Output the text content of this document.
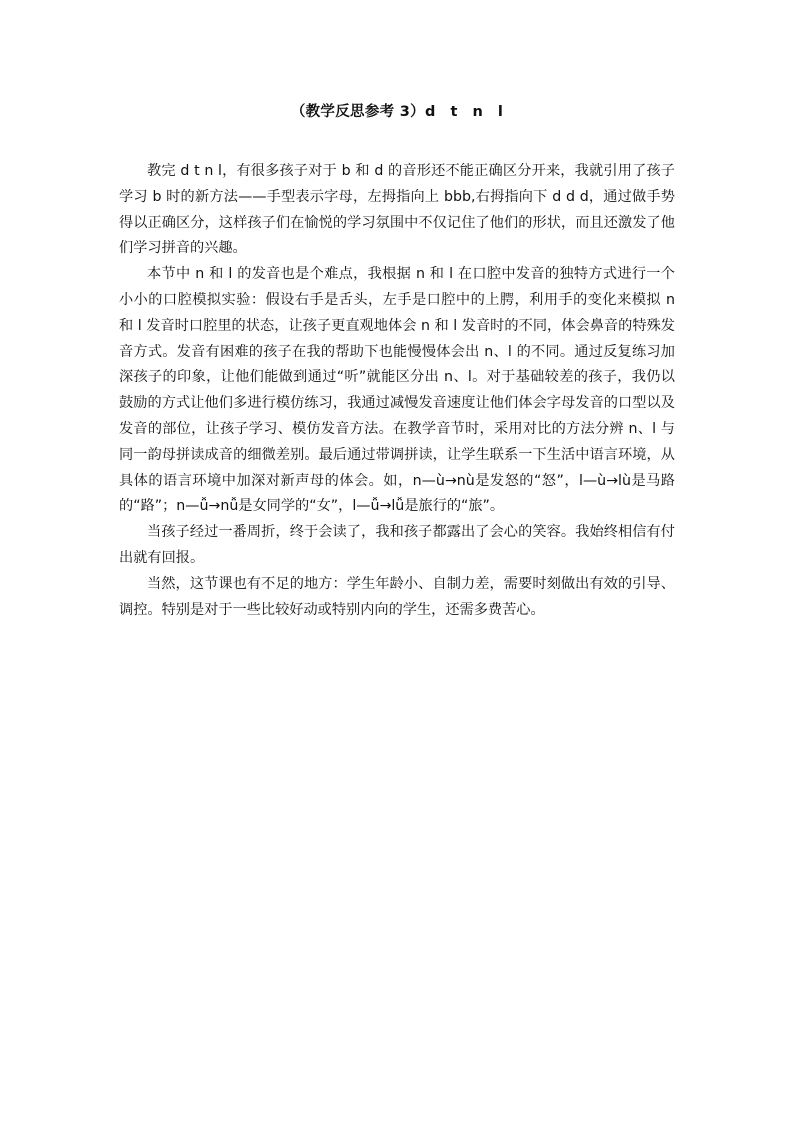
（教学反思参考 3）d　t　n　l

教完 d t n l，有很多孩子对于 b 和 d 的音形还不能正确区分开来，我就引用了孩子学习 b 时的新方法——手型表示字母，左拇指向上 bbb,右拇指向下 d d d，通过做手势得以正确区分，这样孩子们在愉悦的学习氛围中不仅记住了他们的形状，而且还激发了他们学习拼音的兴趣。

本节中 n 和 l 的发音也是个难点，我根据 n 和 l 在口腔中发音的独特方式进行一个小小的口腔模拟实验：假设右手是舌头，左手是口腔中的上腭，利用手的变化来模拟 n 和 l 发音时口腔里的状态，让孩子更直观地体会 n 和 l 发音时的不同，体会鼻音的特殊发音方式。发音有困难的孩子在我的帮助下也能慢慢体会出 n、l 的不同。通过反复练习加深孩子的印象，让他们能做到通过“听”就能区分出 n、l。对于基础较差的孩子，我仍以鼓励的方式让他们多进行模仿练习，我通过减慢发音速度让他们体会字母发音的口型以及发音的部位，让孩子学习、模仿发音方法。在教学音节时，采用对比的方法分辨 n、l 与同一韵母拼读成音的细微差别。最后通过带调拼读，让学生联系一下生活中语言环境，从具体的语言环境中加深对新声母的体会。如，n—ù→nù是发怒的“怒”，l—ù→lù是马路的“路”；n—ǚ→nǚ是女同学的“女”，l—ǚ→lǚ是旅行的“旅”。

当孩子经过一番周折，终于会读了，我和孩子都露出了会心的笑容。我始终相信有付出就有回报。

当然，这节课也有不足的地方：学生年龄小、自制力差，需要时刻做出有效的引导、调控。特别是对于一些比较好动或特别内向的学生，还需多费苦心。
